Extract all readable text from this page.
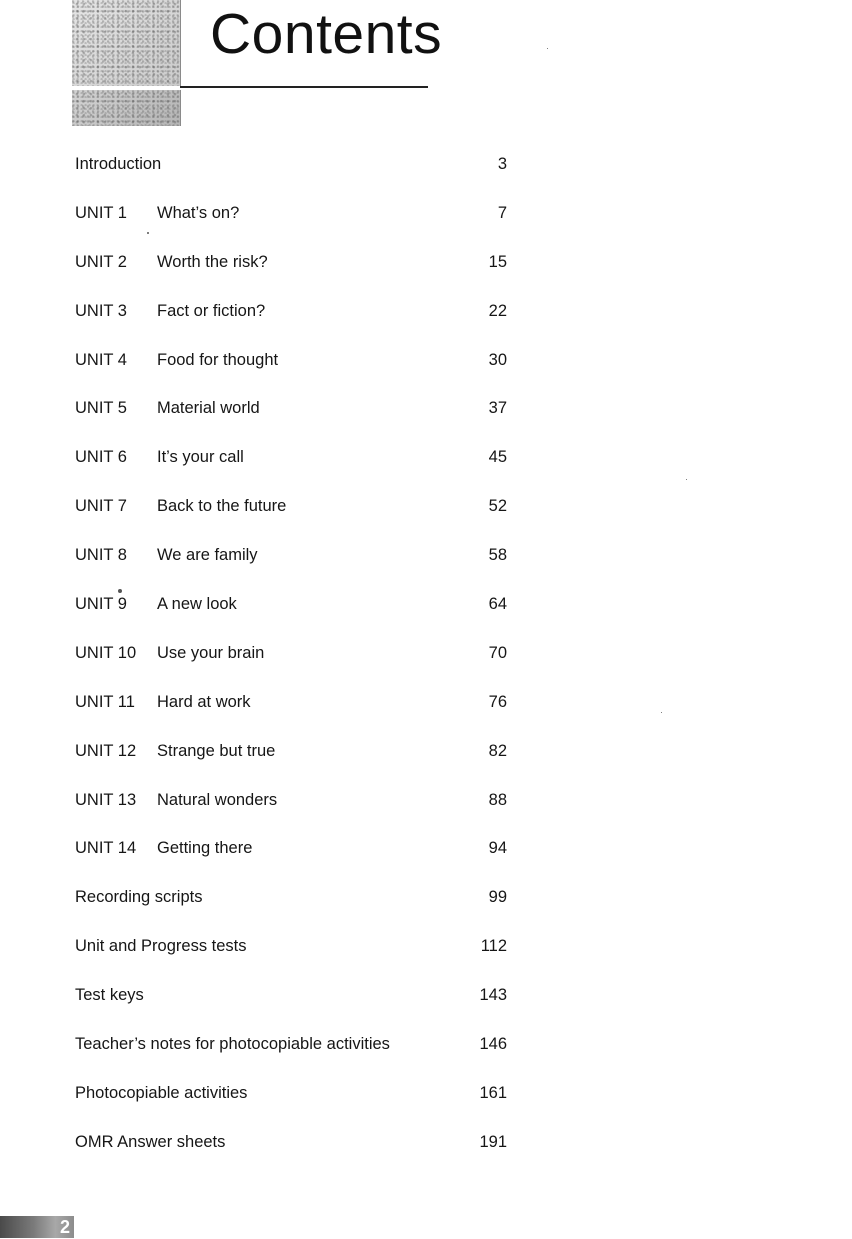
Contents
Introduction	3
UNIT 1 What’s on?	7
UNIT 2 Worth the risk?	15
UNIT 3 Fact or fiction?	22
UNIT 4 Food for thought	30
UNIT 5 Material world	37
UNIT 6 It’s your call	45
UNIT 7 Back to the future	52
UNIT 8 We are family	58
UNIT 9 A new look	64
UNIT 10 Use your brain	70
UNIT 11 Hard at work	76
UNIT 12 Strange but true	82
UNIT 13 Natural wonders	88
UNIT 14 Getting there	94
Recording scripts	99
Unit and Progress tests	112
Test keys	143
Teacher’s notes for photocopiable activities	146
Photocopiable activities	161
OMR Answer sheets	191
2
